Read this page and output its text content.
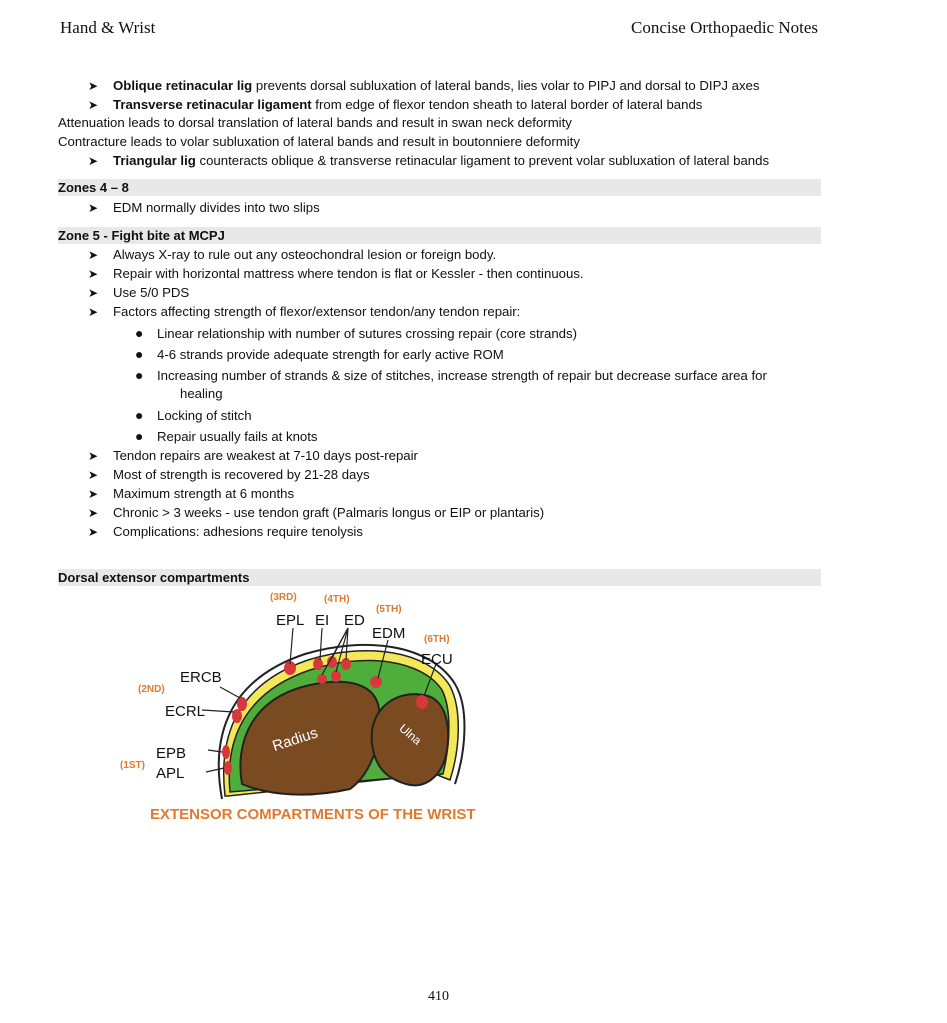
Hand & Wrist	Concise Orthopaedic Notes
➤ Oblique retinacular lig prevents dorsal subluxation of lateral bands, lies volar to PIPJ and dorsal to DIPJ axes
➤ Transverse retinacular ligament from edge of flexor tendon sheath to lateral border of lateral bands
Attenuation leads to dorsal translation of lateral bands and result in swan neck deformity
Contracture leads to volar subluxation of lateral bands and result in boutonniere deformity
➤ Triangular lig counteracts oblique & transverse retinacular ligament to prevent volar subluxation of lateral bands
Zones 4 – 8
➤ EDM normally divides into two slips
Zone 5 - Fight bite at MCPJ
➤ Always X-ray to rule out any osteochondral lesion or foreign body.
➤ Repair with horizontal mattress where tendon is flat or Kessler - then continuous.
➤ Use 5/0 PDS
➤ Factors affecting strength of flexor/extensor tendon/any tendon repair:
● Linear relationship with number of sutures crossing repair (core strands)
● 4-6 strands provide adequate strength for early active ROM
● Increasing number of strands & size of stitches, increase strength of repair but decrease surface area for
healing
● Locking of stitch
● Repair usually fails at knots
➤ Tendon repairs are weakest at 7-10 days post-repair
➤ Most of strength is recovered by 21-28 days
➤ Maximum strength at 6 months
➤ Chronic > 3 weeks - use tendon graft (Palmaris longus or EIP or plantaris)
➤ Complications: adhesions require tenolysis
Dorsal extensor compartments
(3RD)	(4TH)
(5TH)
(6TH)
(2ND)
(1ST)
EPL EI ED
EDM
ECU
ERCB
ECRL
EPB
APL
Radius	Ulna
EXTENSOR COMPARTMENTS OF THE WRIST
410
